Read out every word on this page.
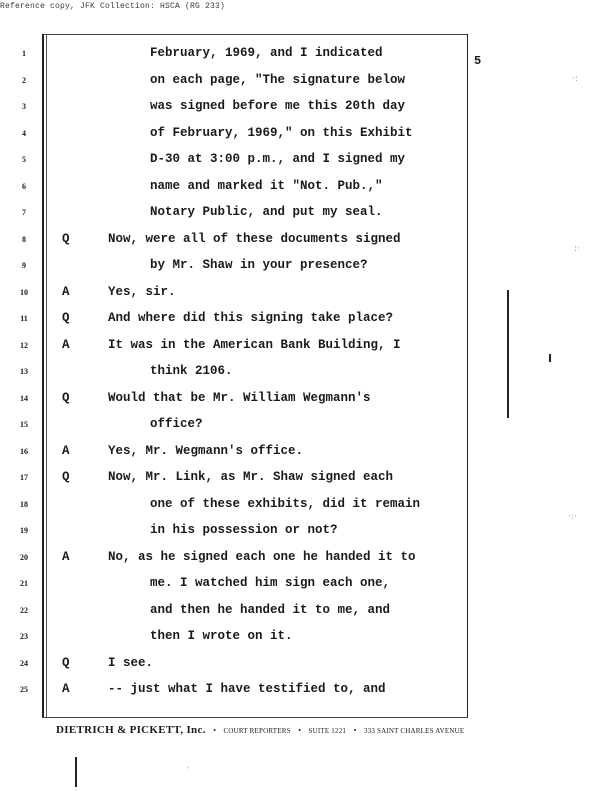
Reference copy, JFK Collection: HSCA (RG 233)
5
1	February, 1969, and I indicated
2	on each page, "The signature below
3	was signed before me this 20th day
4	of February, 1969," on this Exhibit
5	D-30 at 3:00 p.m., and I signed my
6	name and marked it "Not. Pub.,"
7	Notary Public, and put my seal.
8	Q	Now, were all of these documents signed
9	by Mr. Shaw in your presence?
10	A	Yes, sir.
11	Q	And where did this signing take place?
12	A	It was in the American Bank Building, I
13	think 2106.
14	Q	Would that be Mr. William Wegmann's
15	office?
16	A	Yes, Mr. Wegmann's office.
17	Q	Now, Mr. Link, as Mr. Shaw signed each
18	one of these exhibits, did it remain
19	in his possession or not?
20	A	No, as he signed each one he handed it to
21	me. I watched him sign each one,
22	and then he handed it to me, and
23	then I wrote on it.
24	Q	I see.
25	A	-- just what I have testified to, and
DIETRICH & PICKETT, Inc. • COURT REPORTERS • SUITE 1221 • 333 SAINT CHARLES AVENUE
·:
:·
·:·
`
